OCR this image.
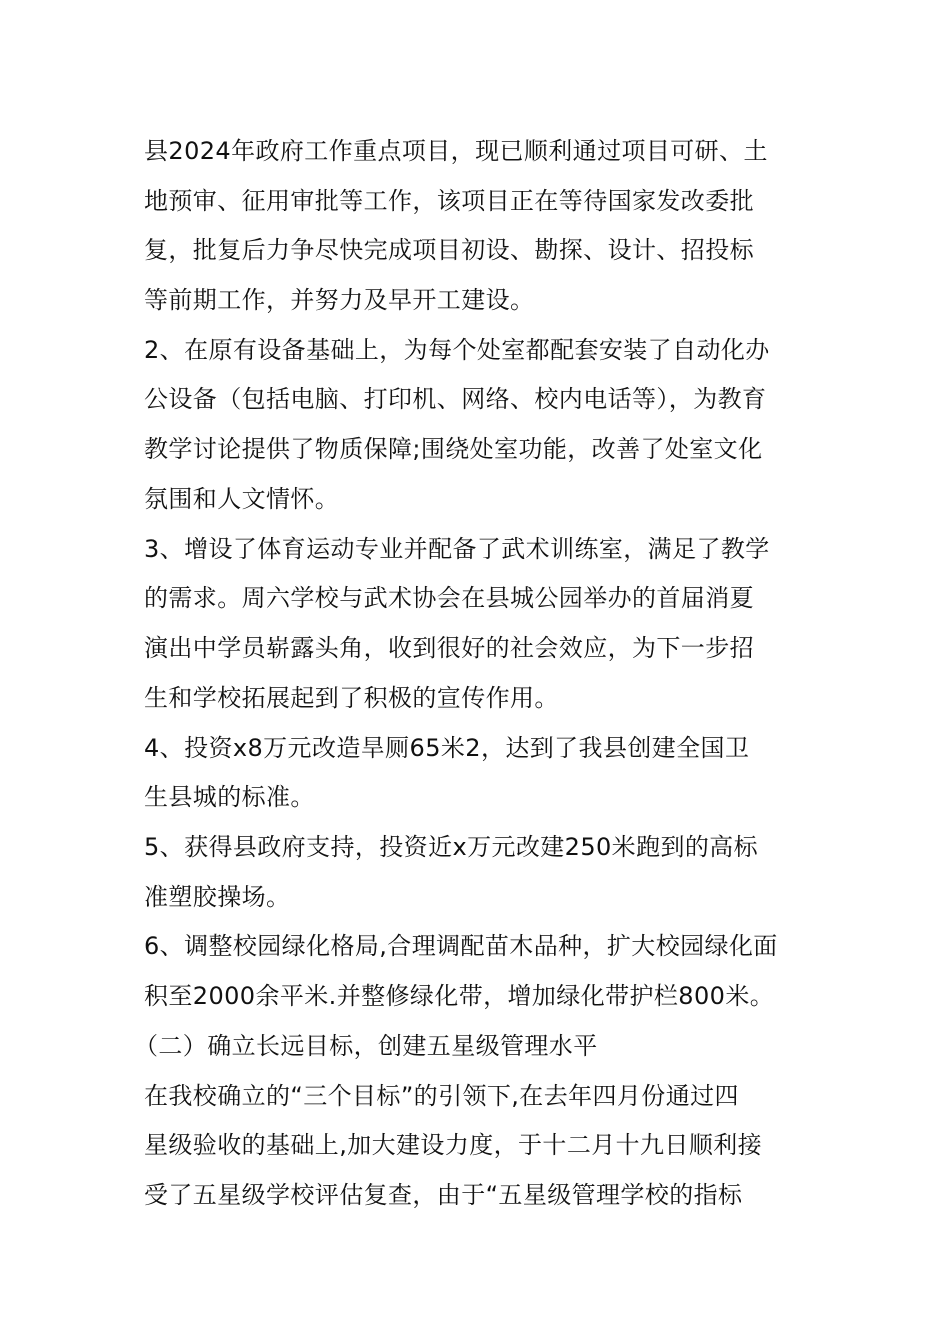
县2024年政府工作重点项目，现已顺利通过项目可研、土
地预审、征用审批等工作，该项目正在等待国家发改委批
复，批复后力争尽快完成项目初设、勘探、设计、招投标
等前期工作，并努力及早开工建设。
2、在原有设备基础上，为每个处室都配套安装了自动化办
公设备（包括电脑、打印机、网络、校内电话等），为教育
教学讨论提供了物质保障;围绕处室功能，改善了处室文化
氛围和人文情怀。
3、增设了体育运动专业并配备了武术训练室，满足了教学
的需求。周六学校与武术协会在县城公园举办的首届消夏
演出中学员崭露头角，收到很好的社会效应，为下一步招
生和学校拓展起到了积极的宣传作用。
4、投资x8万元改造旱厕65米2，达到了我县创建全国卫
生县城的标准。
5、获得县政府支持，投资近x万元改建250米跑到的高标
准塑胶操场。
6、调整校园绿化格局,合理调配苗木品种，扩大校园绿化面
积至2000余平米.并整修绿化带，增加绿化带护栏800米。
（二）确立长远目标，创建五星级管理水平
在我校确立的“三个目标”的引领下,在去年四月份通过四
星级验收的基础上,加大建设力度，于十二月十九日顺利接
受了五星级学校评估复查，由于“五星级管理学校的指标
